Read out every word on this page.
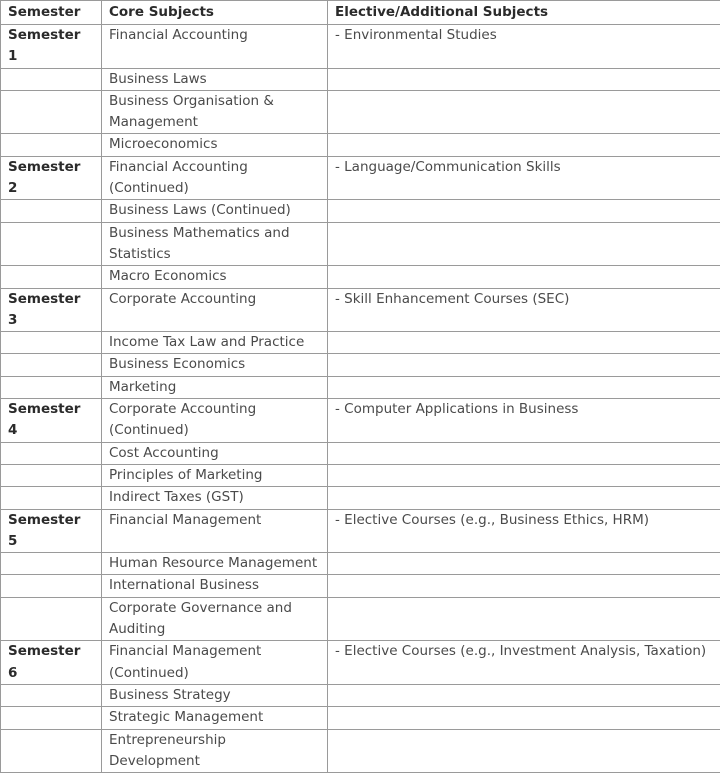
Semester	Core Subjects	Elective/Additional Subjects
Semester 1	Financial Accounting	- Environmental Studies
	Business Laws	
	Business Organisation & Management	
	Microeconomics	
Semester 2	Financial Accounting (Continued)	- Language/Communication Skills
	Business Laws (Continued)	
	Business Mathematics and Statistics	
	Macro Economics	
Semester 3	Corporate Accounting	- Skill Enhancement Courses (SEC)
	Income Tax Law and Practice	
	Business Economics	
	Marketing	
Semester 4	Corporate Accounting (Continued)	- Computer Applications in Business
	Cost Accounting	
	Principles of Marketing	
	Indirect Taxes (GST)	
Semester 5	Financial Management	- Elective Courses (e.g., Business Ethics, HRM)
	Human Resource Management	
	International Business	
	Corporate Governance and Auditing	
Semester 6	Financial Management (Continued)	- Elective Courses (e.g., Investment Analysis, Taxation)
	Business Strategy	
	Strategic Management	
	Entrepreneurship Development	
